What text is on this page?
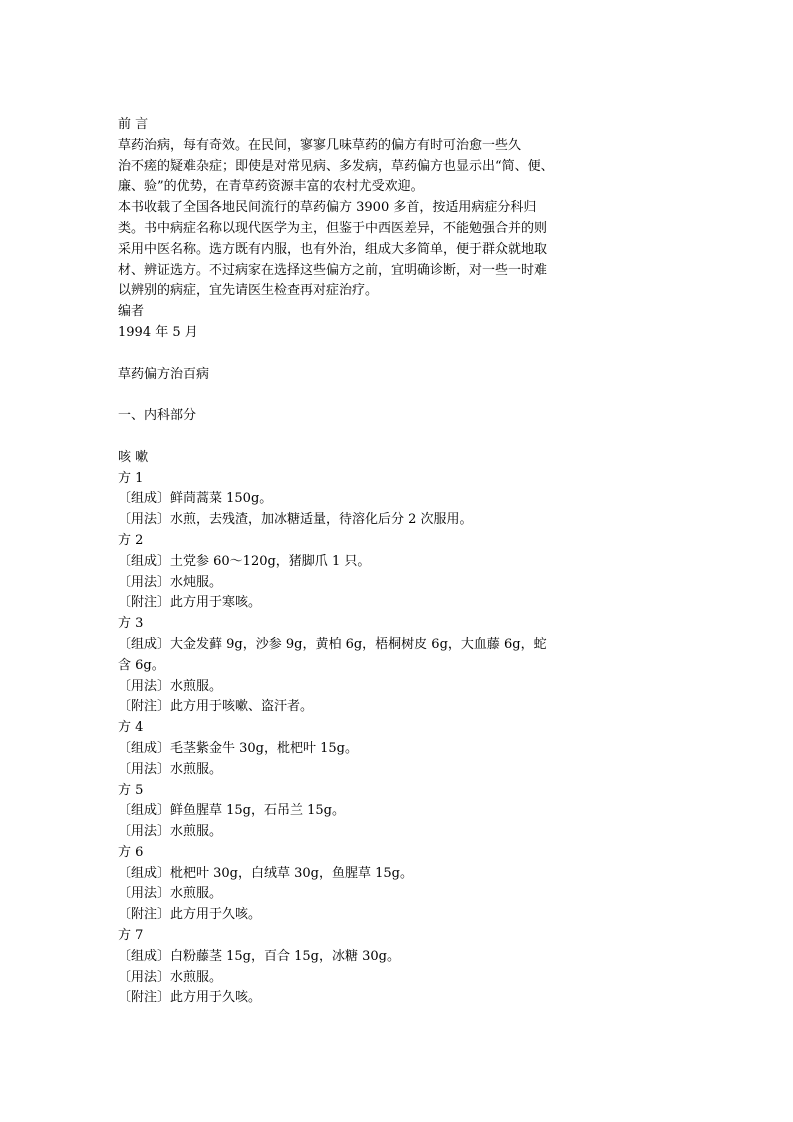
前 言
草药治病，每有奇效。在民间，寥寥几味草药的偏方有时可治愈一些久
治不瘥的疑难杂症；即使是对常见病、多发病，草药偏方也显示出“简、便、
廉、验”的优势，在青草药资源丰富的农村尤受欢迎。
本书收载了全国各地民间流行的草药偏方 3900 多首，按适用病症分科归
类。书中病症名称以现代医学为主，但鉴于中西医差异，不能勉强合并的则
采用中医名称。选方既有内服，也有外治，组成大多简单，便于群众就地取
材、辨证选方。不过病家在选择这些偏方之前，宜明确诊断，对一些一时难
以辨别的病症，宜先请医生检查再对症治疗。
编者
1994 年 5 月
草药偏方治百病
一、内科部分
咳 嗽
方 1
〔组成〕鲜茼蒿菜 150g。
〔用法〕水煎，去残渣，加冰糖适量，待溶化后分 2 次服用。
方 2
〔组成〕土党参 60～120g，猪脚爪 1 只。
〔用法〕水炖服。
〔附注〕此方用于寒咳。
方 3
〔组成〕大金发藓 9g，沙参 9g，黄柏 6g，梧桐树皮 6g，大血藤 6g，蛇
含 6g。
〔用法〕水煎服。
〔附注〕此方用于咳嗽、盗汗者。
方 4
〔组成〕毛茎紫金牛 30g，枇杷叶 15g。
〔用法〕水煎服。
方 5
〔组成〕鲜鱼腥草 15g，石吊兰 15g。
〔用法〕水煎服。
方 6
〔组成〕枇杷叶 30g，白绒草 30g，鱼腥草 15g。
〔用法〕水煎服。
〔附注〕此方用于久咳。
方 7
〔组成〕白粉藤茎 15g，百合 15g，冰糖 30g。
〔用法〕水煎服。
〔附注〕此方用于久咳。
